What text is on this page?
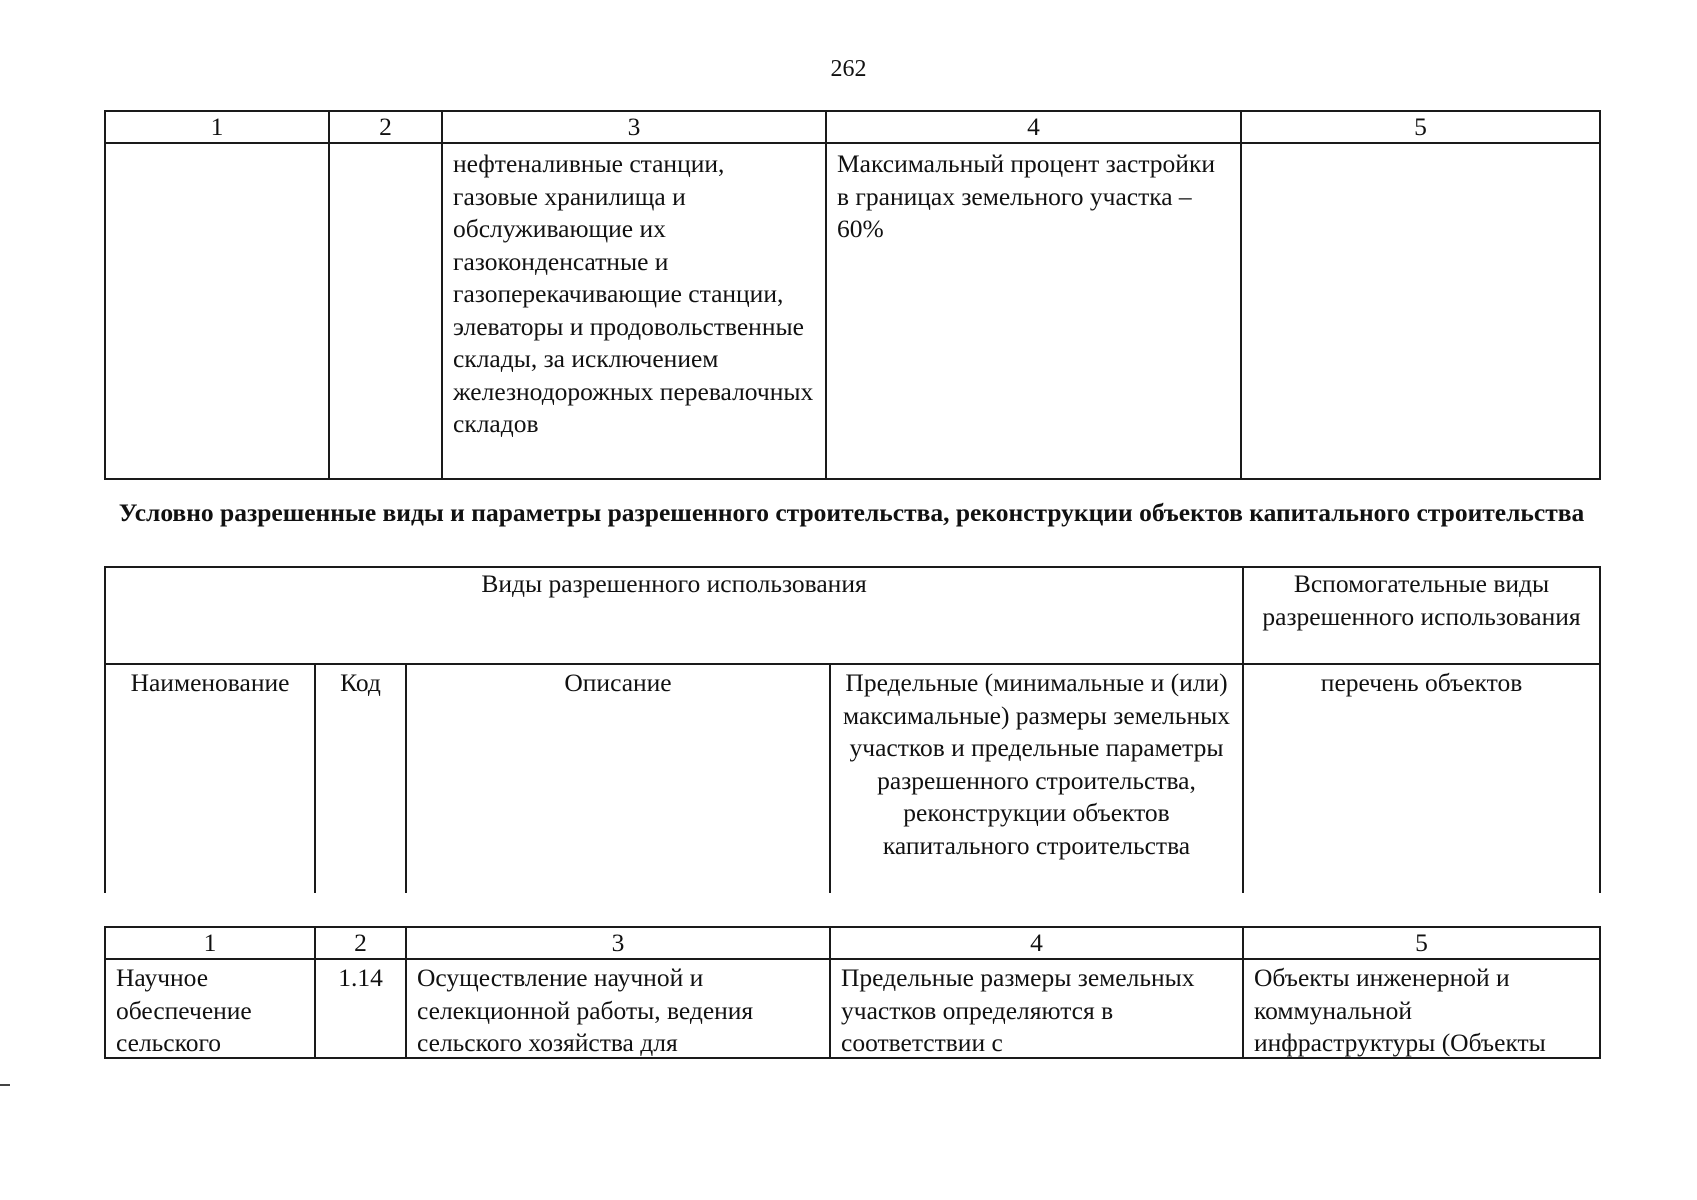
262
1	2	3	4	5
		нефтеналивные станции, газовые хранилища и обслуживающие их газоконденсатные и газоперекачивающие станции, элеваторы и продовольственные склады, за исключением железнодорожных перевалочных складов	Максимальный процент застройки в границах земельного участка – 60%	
Условно разрешенные виды и параметры разрешенного строительства, реконструкции объектов капитального строительства
Виды разрешенного использования				Вспомогательные виды разрешенного использования
Наименование	Код	Описание	Предельные (минимальные и (или) максимальные) размеры земельных участков и предельные параметры разрешенного строительства, реконструкции объектов капитального строительства	перечень объектов
1	2	3	4	5

Научное обеспечение сельского	1.14	Осуществление научной и селекционной работы, ведения сельского хозяйства для	Предельные размеры земельных участков определяются в соответствии с	Объекты инженерной и коммунальной инфраструктуры (Объекты
